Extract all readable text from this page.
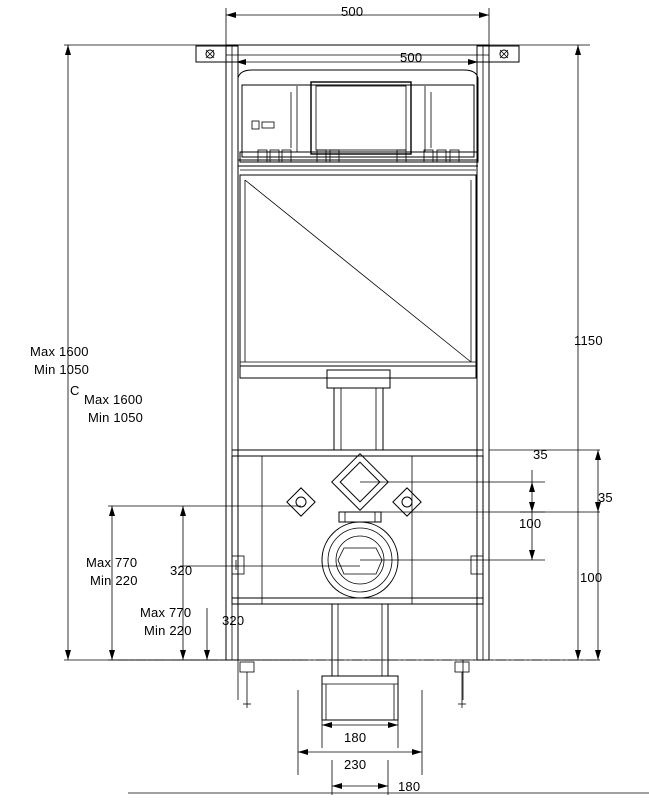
500
500
1150
Max 1600
Min 1050
C
Max 1600
Min 1050
Max 770
Min 220
Max 770
Min 220
320
320
35
35
100
100
180
230
180
